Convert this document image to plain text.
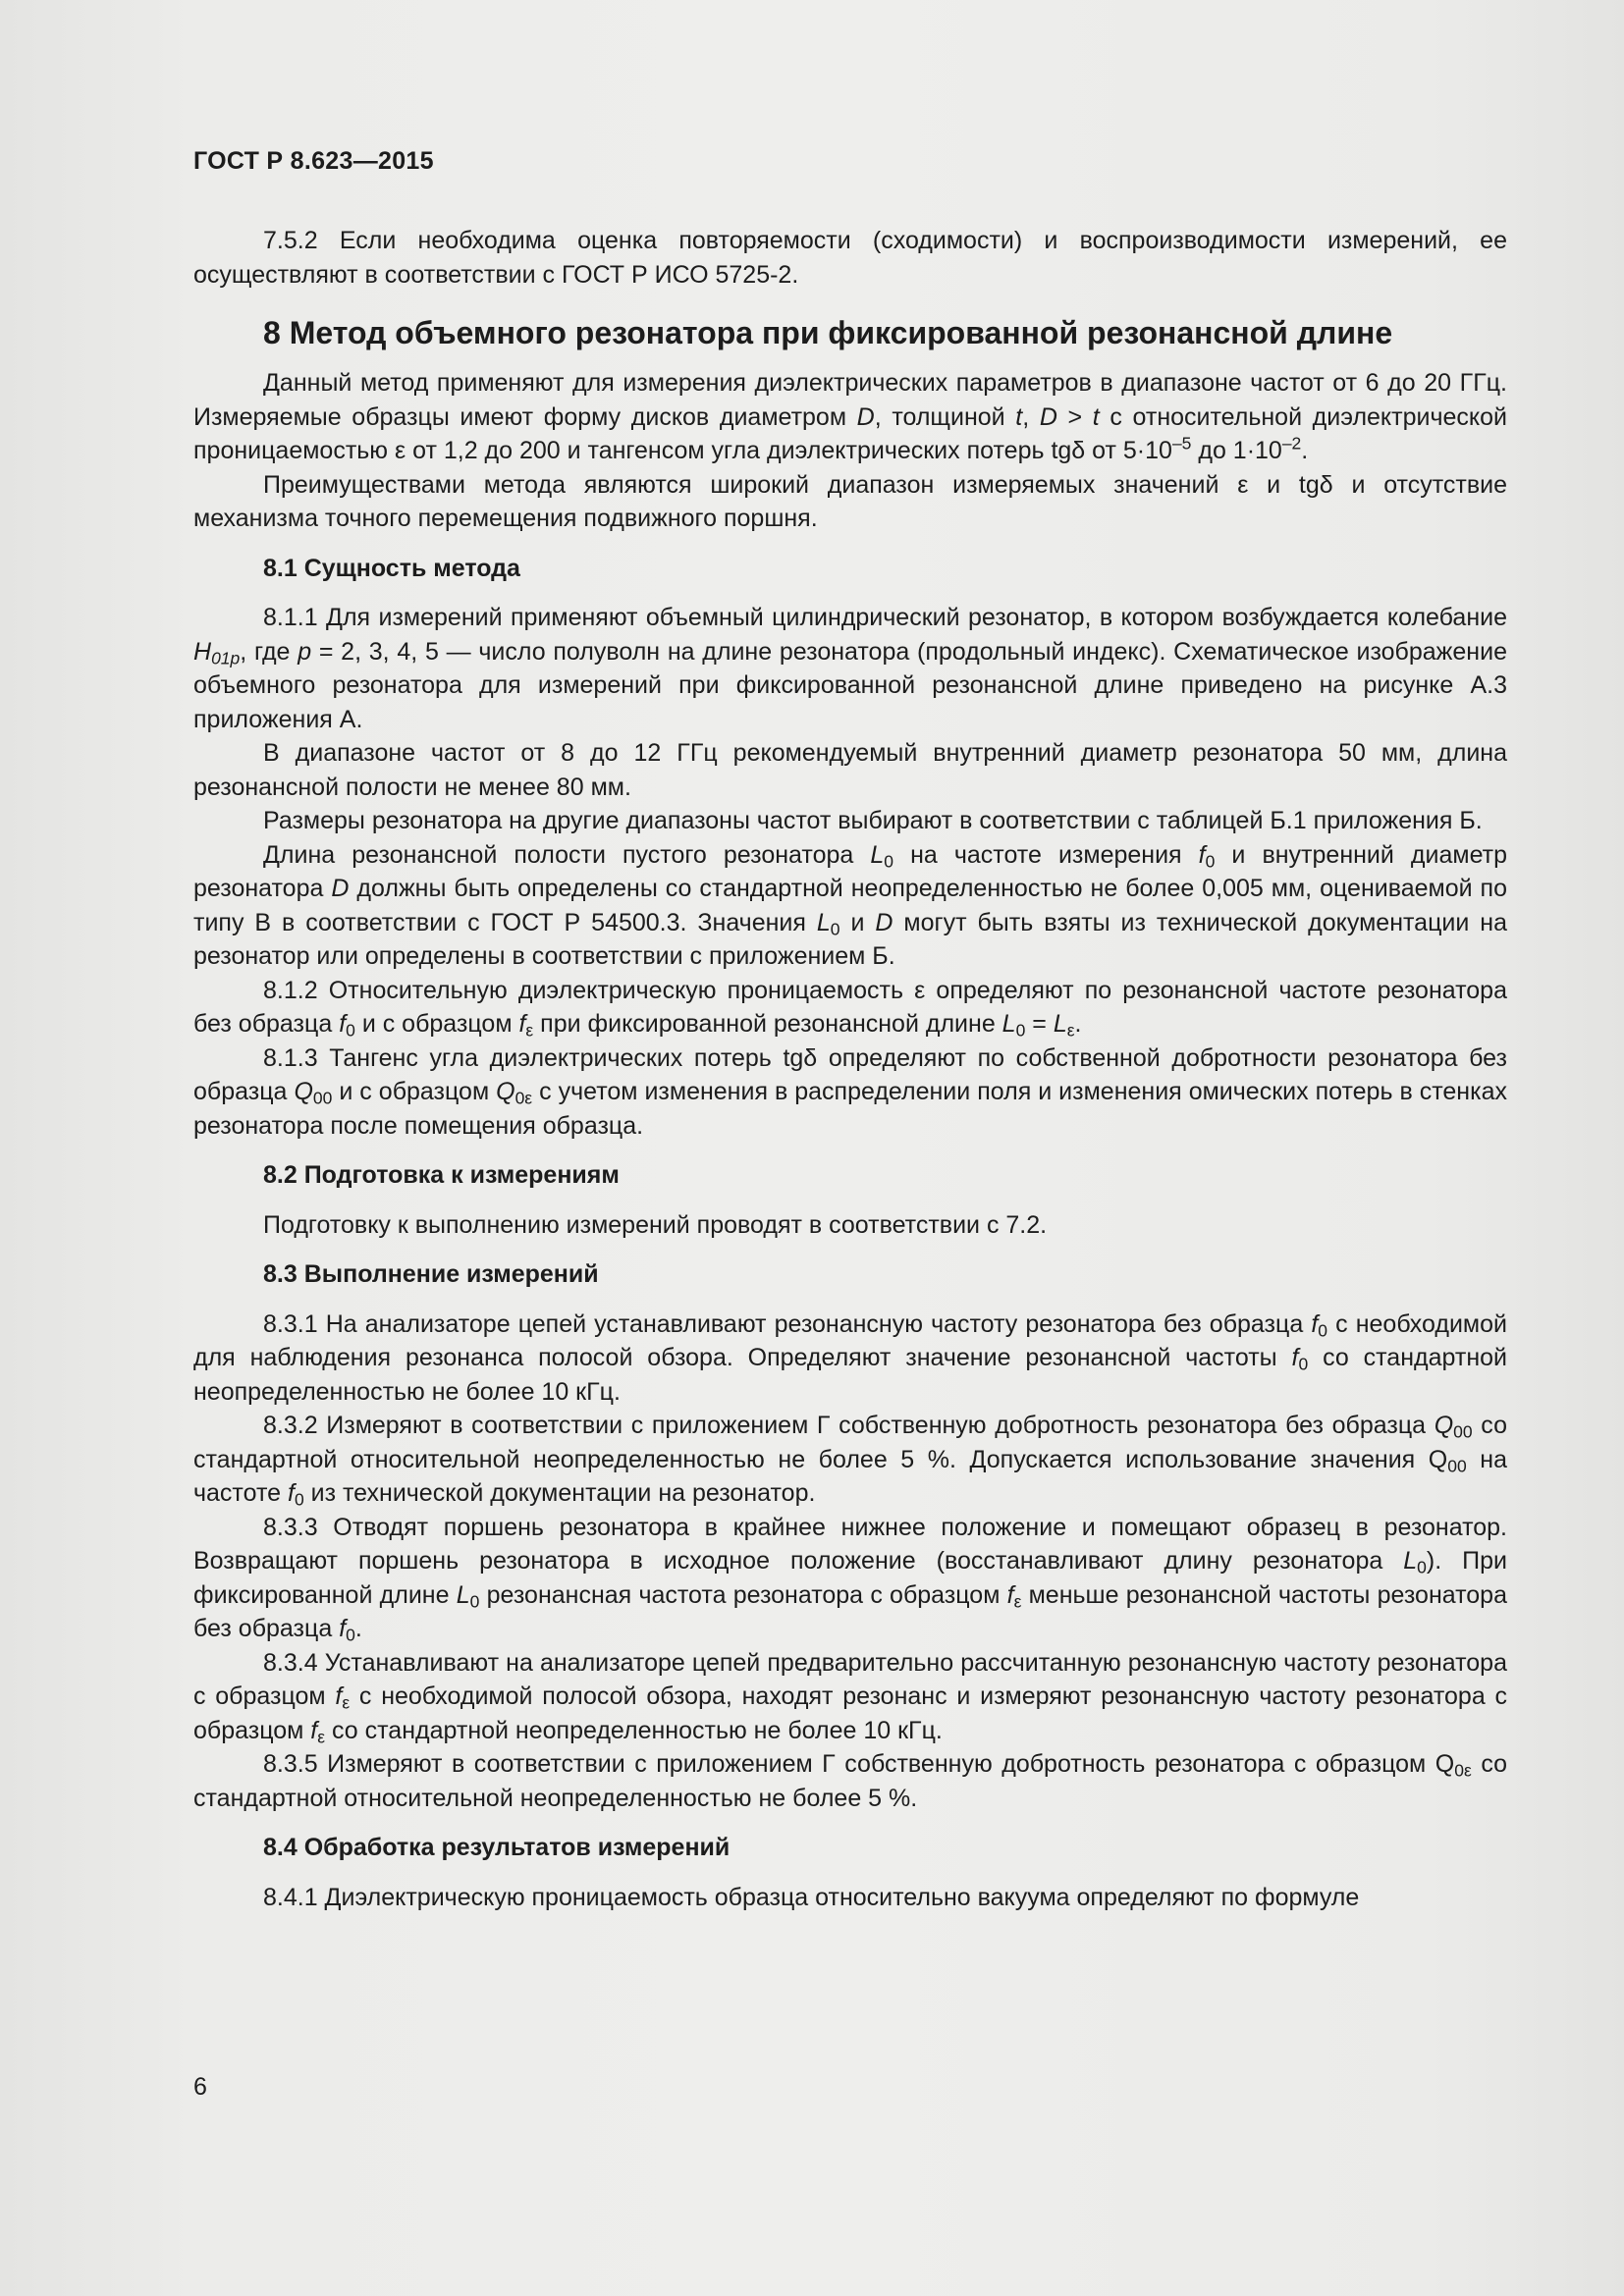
ГОСТ Р 8.623—2015

7.5.2 Если необходима оценка повторяемости (сходимости) и воспроизводимости измерений, ее осуществляют в соответствии с ГОСТ Р ИСО 5725-2.

8 Метод объемного резонатора при фиксированной резонансной длине

Данный метод применяют для измерения диэлектрических параметров в диапазоне частот от 6 до 20 ГГц. Измеряемые образцы имеют форму дисков диаметром D, толщиной t, D > t с относительной диэлектрической проницаемостью ε от 1,2 до 200 и тангенсом угла диэлектрических потерь tgδ от $5\cdot 10^{-5}$ до $1\cdot 10^{-2}$.

Преимуществами метода являются широкий диапазон измеряемых значений ε и tgδ и отсутствие механизма точного перемещения подвижного поршня.

8.1 Сущность метода

8.1.1 Для измерений применяют объемный цилиндрический резонатор, в котором возбуждается колебание $H_{01p}$, где p = 2, 3, 4, 5 — число полуволн на длине резонатора (продольный индекс). Схематическое изображение объемного резонатора для измерений при фиксированной резонансной длине приведено на рисунке А.3 приложения А.

В диапазоне частот от 8 до 12 ГГц рекомендуемый внутренний диаметр резонатора 50 мм, длина резонансной полости не менее 80 мм.

Размеры резонатора на другие диапазоны частот выбирают в соответствии с таблицей Б.1 приложения Б.

Длина резонансной полости пустого резонатора $L_0$ на частоте измерения $f_0$ и внутренний диаметр резонатора D должны быть определены со стандартной неопределенностью не более 0,005 мм, оцениваемой по типу В в соответствии с ГОСТ Р 54500.3. Значения $L_0$ и D могут быть взяты из технической документации на резонатор или определены в соответствии с приложением Б.

8.1.2 Относительную диэлектрическую проницаемость ε определяют по резонансной частоте резонатора без образца $f_0$ и с образцом $f_\varepsilon$ при фиксированной резонансной длине $L_0 = L_\varepsilon$.

8.1.3 Тангенс угла диэлектрических потерь tgδ определяют по собственной добротности резонатора без образца $Q_{00}$ и с образцом $Q_{0\varepsilon}$ с учетом изменения в распределении поля и изменения омических потерь в стенках резонатора после помещения образца.

8.2 Подготовка к измерениям

Подготовку к выполнению измерений проводят в соответствии с 7.2.

8.3 Выполнение измерений

8.3.1 На анализаторе цепей устанавливают резонансную частоту резонатора без образца $f_0$ с необходимой для наблюдения резонанса полосой обзора. Определяют значение резонансной частоты $f_0$ со стандартной неопределенностью не более 10 кГц.

8.3.2 Измеряют в соответствии с приложением Г собственную добротность резонатора без образца $Q_{00}$ со стандартной относительной неопределенностью не более 5 %. Допускается использование значения $Q_{00}$ на частоте $f_0$ из технической документации на резонатор.

8.3.3 Отводят поршень резонатора в крайнее нижнее положение и помещают образец в резонатор. Возвращают поршень резонатора в исходное положение (восстанавливают длину резонатора $L_0$). При фиксированной длине $L_0$ резонансная частота резонатора с образцом $f_\varepsilon$ меньше резонансной частоты резонатора без образца $f_0$.

8.3.4 Устанавливают на анализаторе цепей предварительно рассчитанную резонансную частоту резонатора с образцом $f_\varepsilon$ с необходимой полосой обзора, находят резонанс и измеряют резонансную частоту резонатора с образцом $f_\varepsilon$ со стандартной неопределенностью не более 10 кГц.

8.3.5 Измеряют в соответствии с приложением Г собственную добротность резонатора с образцом $Q_{0\varepsilon}$ со стандартной относительной неопределенностью не более 5 %.

8.4 Обработка результатов измерений

8.4.1 Диэлектрическую проницаемость образца относительно вакуума определяют по формуле

6
